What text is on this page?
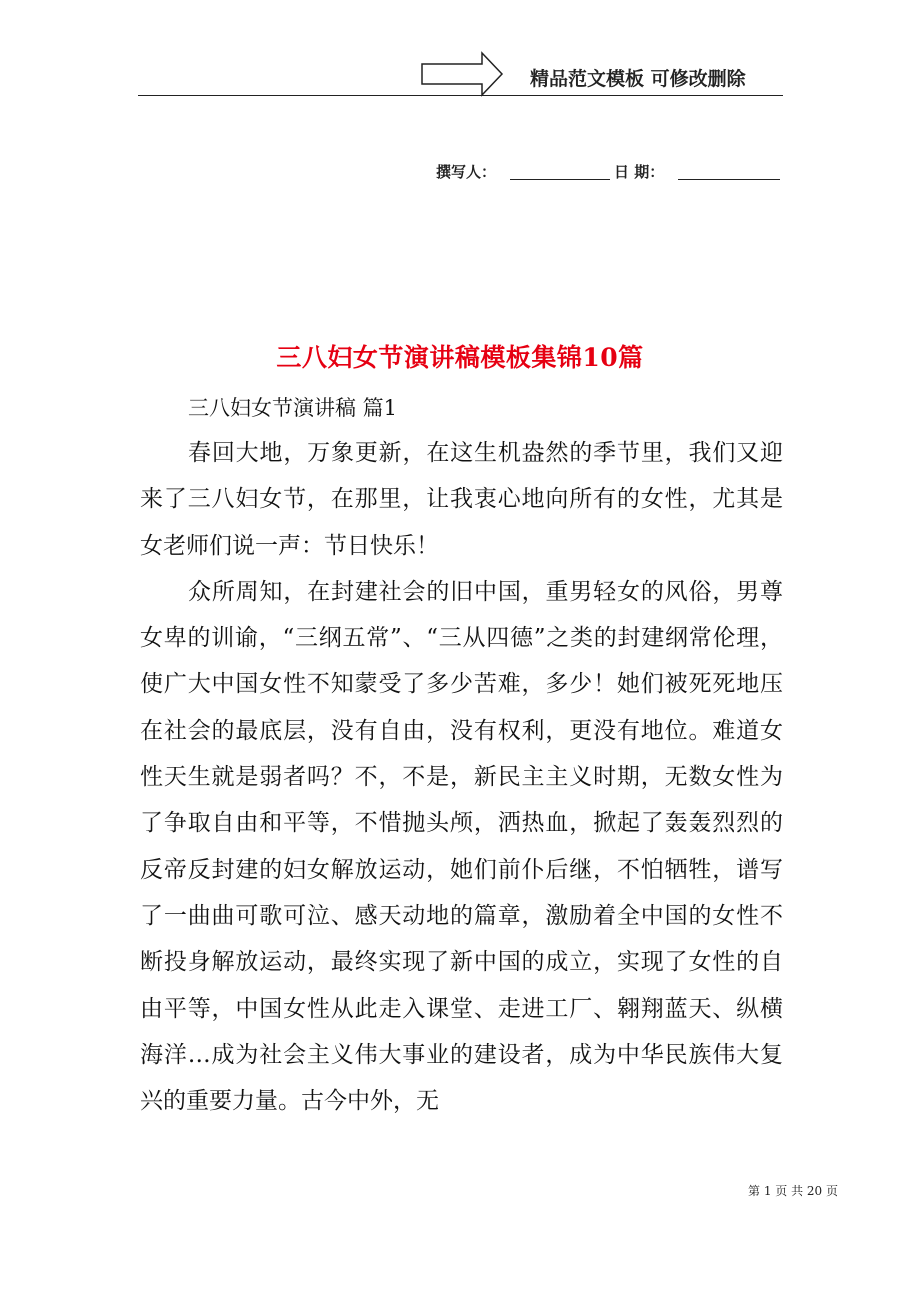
精品范文模板 可修改删除
撰写人：	日 期：
三八妇女节演讲稿模板集锦10篇
三八妇女节演讲稿 篇1

春回大地，万象更新，在这生机盎然的季节里，我们又迎来了三八妇女节，在那里，让我衷心地向所有的女性，尤其是女老师们说一声：节日快乐！

众所周知，在封建社会的旧中国，重男轻女的风俗，男尊女卑的训谕，“三纲五常”、“三从四德”之类的封建纲常伦理，使广大中国女性不知蒙受了多少苦难，多少！她们被死死地压在社会的最底层，没有自由，没有权利，更没有地位。难道女性天生就是弱者吗？不，不是，新民主主义时期，无数女性为了争取自由和平等，不惜抛头颅，洒热血，掀起了轰轰烈烈的反帝反封建的妇女解放运动，她们前仆后继，不怕牺牲，谱写了一曲曲可歌可泣、感天动地的篇章，激励着全中国的女性不断投身解放运动，最终实现了新中国的成立，实现了女性的自由平等，中国女性从此走入课堂、走进工厂、翱翔蓝天、纵横海洋…成为社会主义伟大事业的建设者，成为中华民族伟大复兴的重要力量。古今中外，无

第 1 页 共 20 页
